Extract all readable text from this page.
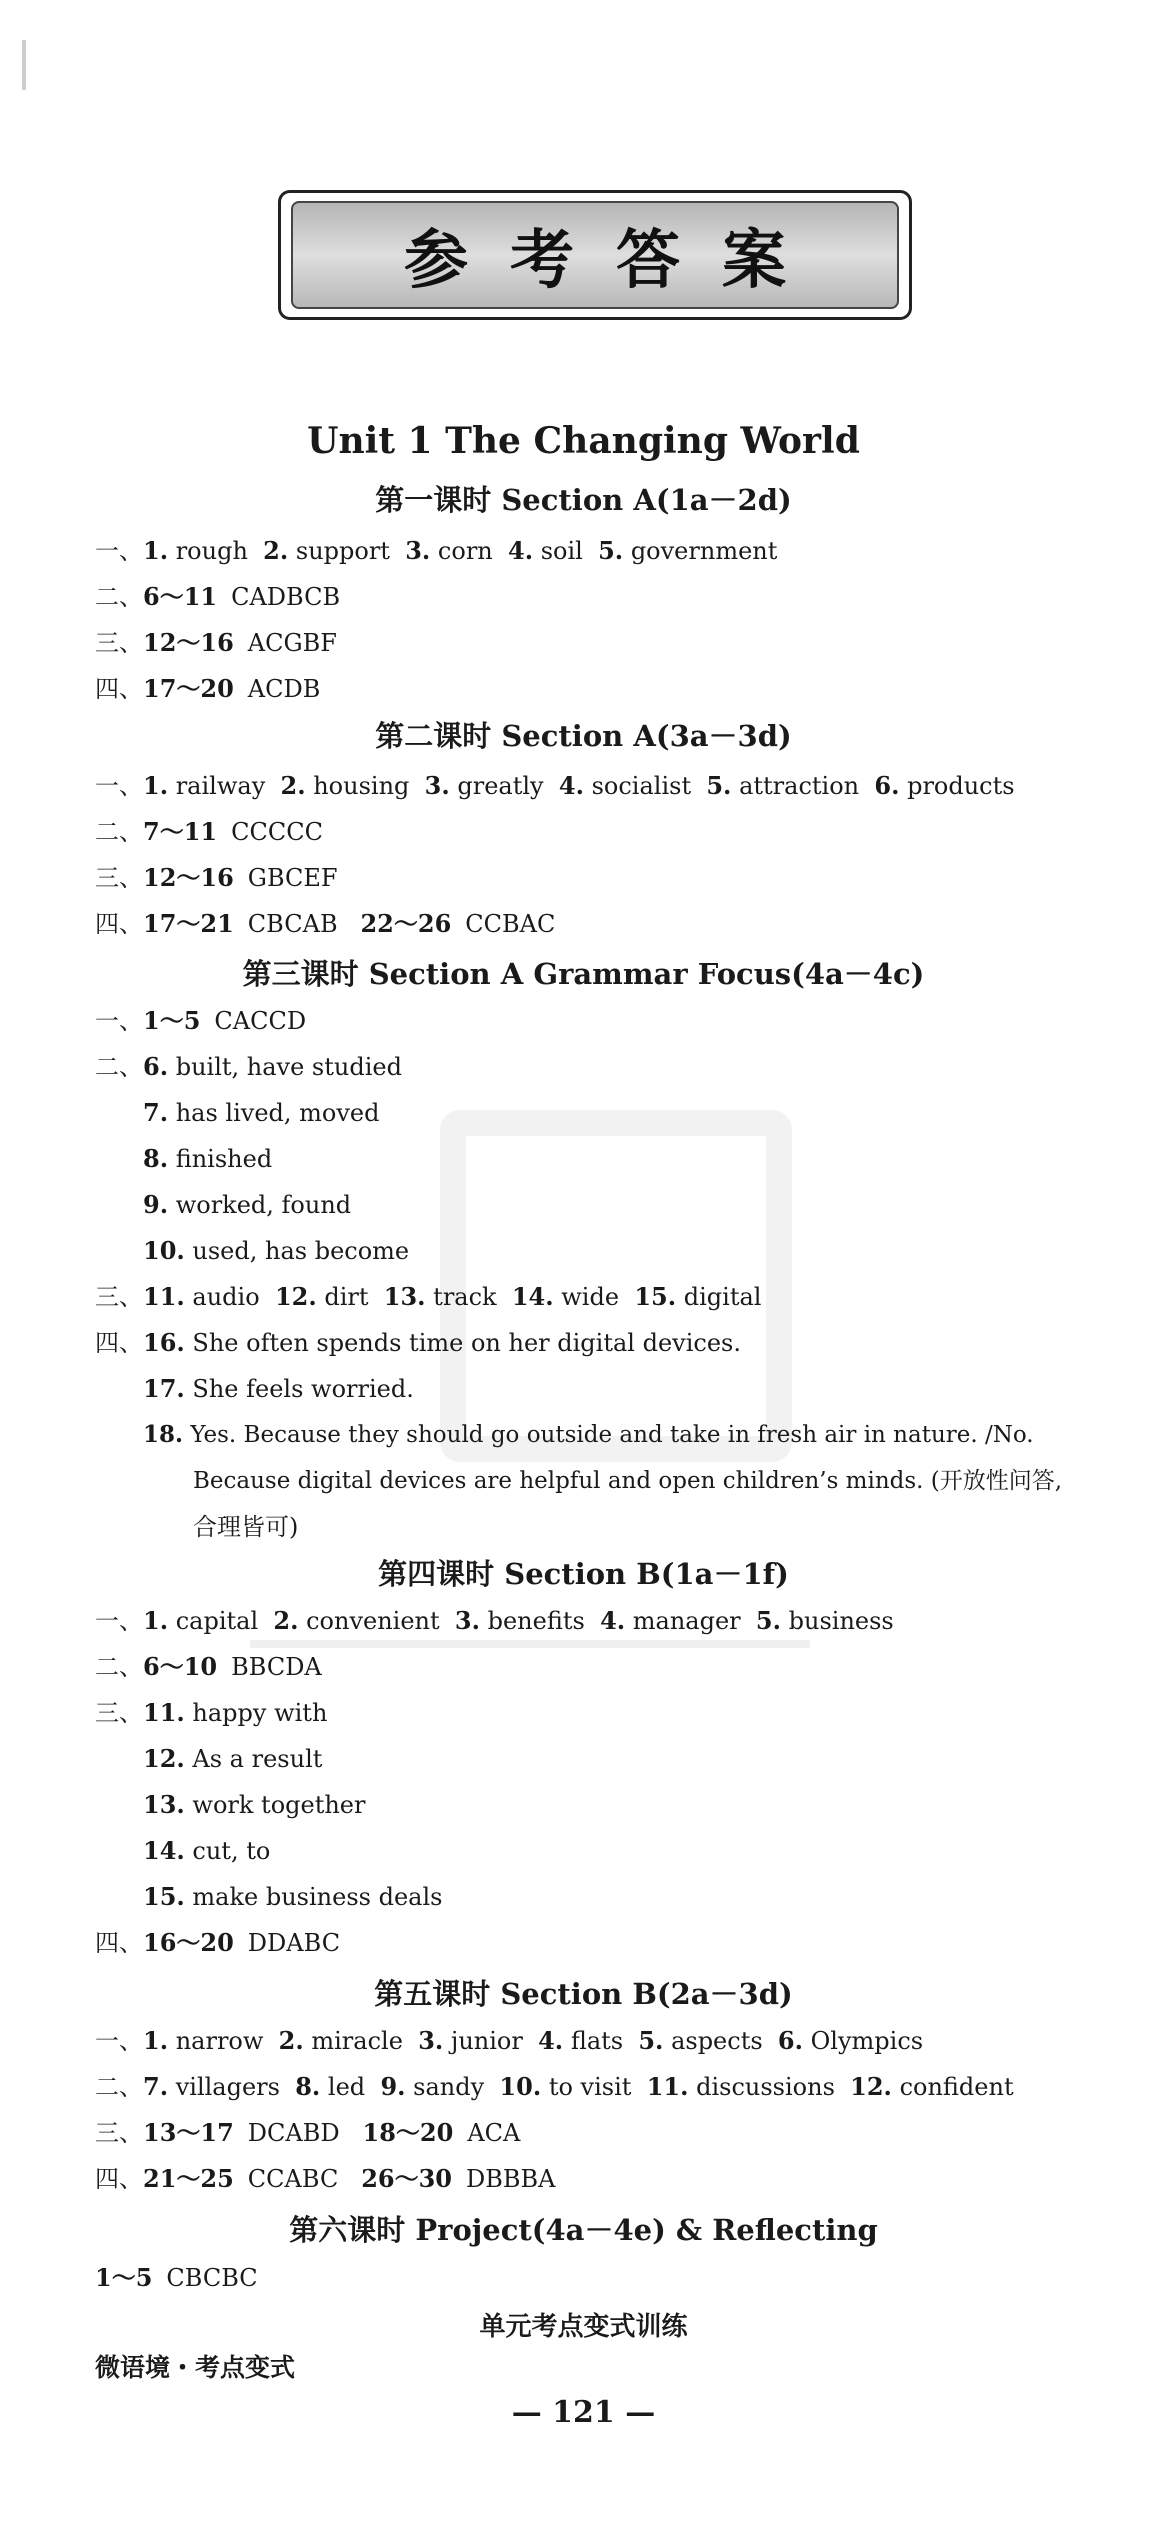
参考答案
Unit 1 The Changing World
第一课时 Section A(1a－2d)
一、1. rough 2. support 3. corn 4. soil 5. government
二、6～11 CADBCB
三、12～16 ACGBF
四、17～20 ACDB
第二课时 Section A(3a－3d)
一、1. railway 2. housing 3. greatly 4. socialist 5. attraction 6. products
二、7～11 CCCCC
三、12～16 GBCEF
四、17～21 CBCAB 22～26 CCBAC
第三课时 Section A Grammar Focus(4a－4c)
一、1～5 CACCD
二、6. built, have studied
7. has lived, moved
8. finished
9. worked, found
10. used, has become
三、11. audio 12. dirt 13. track 14. wide 15. digital
四、16. She often spends time on her digital devices.
17. She feels worried.
18. Yes. Because they should go outside and take in fresh air in nature. /No.
Because digital devices are helpful and open children’s minds. (开放性问答,
合理皆可)
第四课时 Section B(1a－1f)
一、1. capital 2. convenient 3. benefits 4. manager 5. business
二、6～10 BBCDA
三、11. happy with
12. As a result
13. work together
14. cut, to
15. make business deals
四、16～20 DDABC
第五课时 Section B(2a－3d)
一、1. narrow 2. miracle 3. junior 4. flats 5. aspects 6. Olympics
二、7. villagers 8. led 9. sandy 10. to visit 11. discussions 12. confident
三、13～17 DCABD 18～20 ACA
四、21～25 CCABC 26～30 DBBBA
第六课时 Project(4a－4e) & Reflecting
1～5 CBCBC
单元考点变式训练
微语境・考点变式
— 121 —
